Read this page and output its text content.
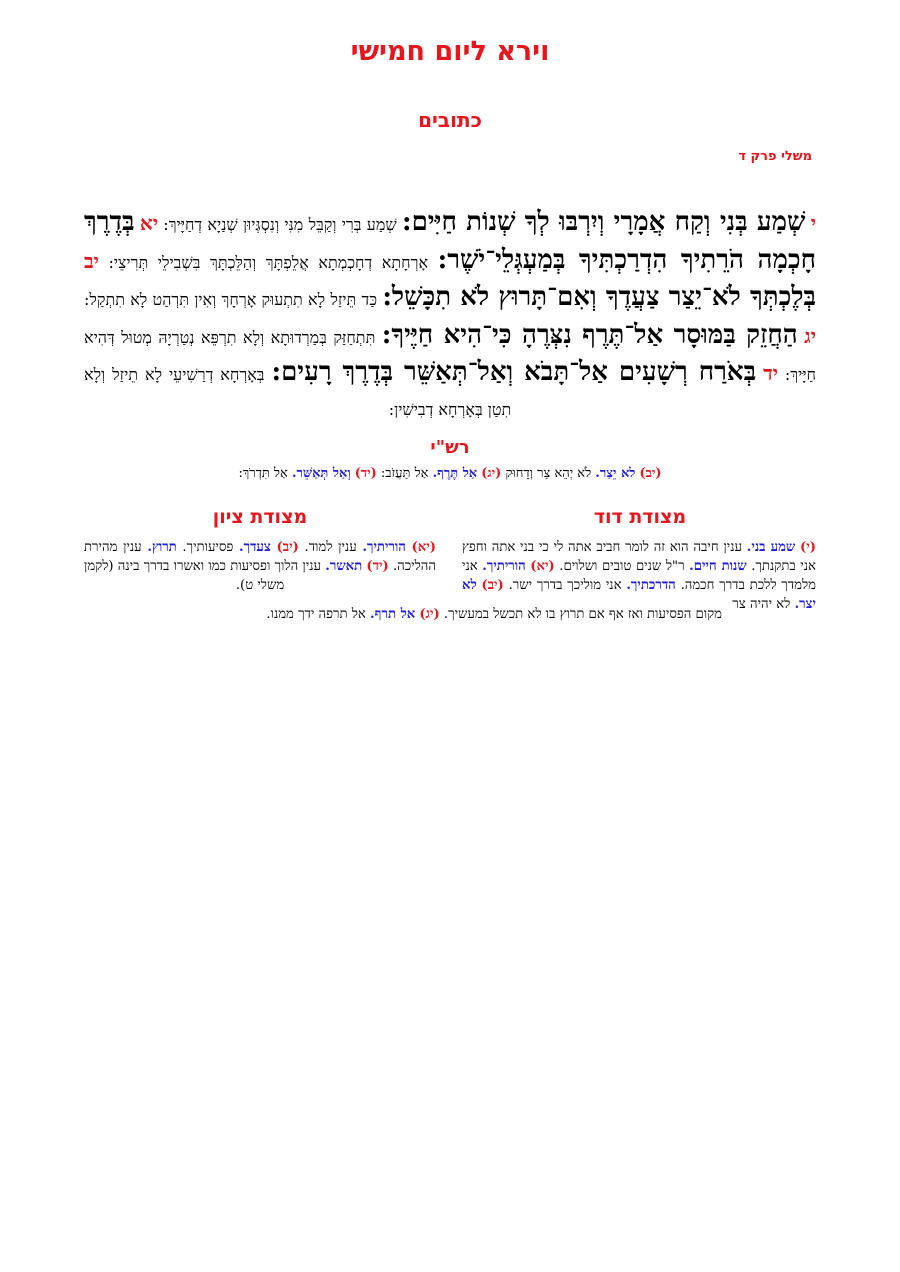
וירא ליום חמישי
כתובים
משלי פרק ד
י שְׁמַע בְּנִי וְקַח אֲמָרָי וְיִרְבּוּ לְךָ שְׁנוֹת חַיִּים: שְׁמַע בְּרִי וְקַבֵּל מִנִּי וְנִסְגְּיוּן שְׁנַיָא דְחַיָּיךְ: יא בְּדֶרֶךְ חָכְמָה הֹרֵתִיךָ הִדְרַכְתִּיךָ בְּמַעְגְּלֵי־יֹשֶׁר: אָרְחָתָא דְחָכְמְתָא אֲלֵפְתָּךְ וְהַלֵּכְתָּךְ בִּשְׁבִילֵי תְּרִיצֵי: יב בְּלֶכְתְּךָ לֹא־יֵצַר צַעֲדֶךָ וְאִם־תָּרוּץ לֹא תִכָּשֵׁל: כַּד תֵּיזַל לָא תִתְעוּק אָרְחָךְ וְאִין תִּרְהַט לָא תִתְקַל: יג הַחֲזֵק בַּמּוּסָר אַל־תֶּרֶף נִצְּרֶהָ כִּי־הִיא חַיֶּיךָ: תִּתְחַזַּק בְּמַרְדוּתָא וְלָא תִרְפֵּא נְטַרְיָהּ מְטוּל דְּהִיא חַיָּיךְ: יד בְּאֹרַח רְשָׁעִים אַל־תָּבֹא וְאַל־תְּאַשֵּׁר בְּדֶרֶךְ רָעִים: בְּאָרְחָא דְרַשִׁיעֵי לָא תֵיזַל וְלָא תִטַן בְּאָרְחָא דְבִישִׁין:
רש"י
(יב) לא יֵצַר. לֹא יְהֵא צַר וְדָחוּק (יג) אַל תֶּרֶף. אַל תַּעֲזֹב: (יד) וְאַל תְּאַשֵּׁר. אַל תִּדְרֹךְ:
מצודת דוד
מצודת ציון
(י) שמע בני. ענין חיבה הוא זה לומר חביב אתה לי כי בני אתה וחפץ אני בתקנתך. שנות חיים. ר"ל שנים טובים ושלוים. (יא) הוריתיך. אני מלמדך ללכת בדרך חכמה. הדרכתיך. אני מוליכך בדרך ישר. (יב) לא יצר. לא יהיה צר
מקום הפסיעות ואז אף אם תרוץ בו לא תכשל במעשיך. (יג) אל תרף. אל תרפה ידך ממנו.
(יא) הוריתיך. ענין למוד. (יב) צעדך. פסיעותיך. תרוץ. ענין מהירת ההליכה. (יד) תאשר. ענין הלוך ופסיעות כמו ואשרו בדרך בינה (לקמן משלי ט).
